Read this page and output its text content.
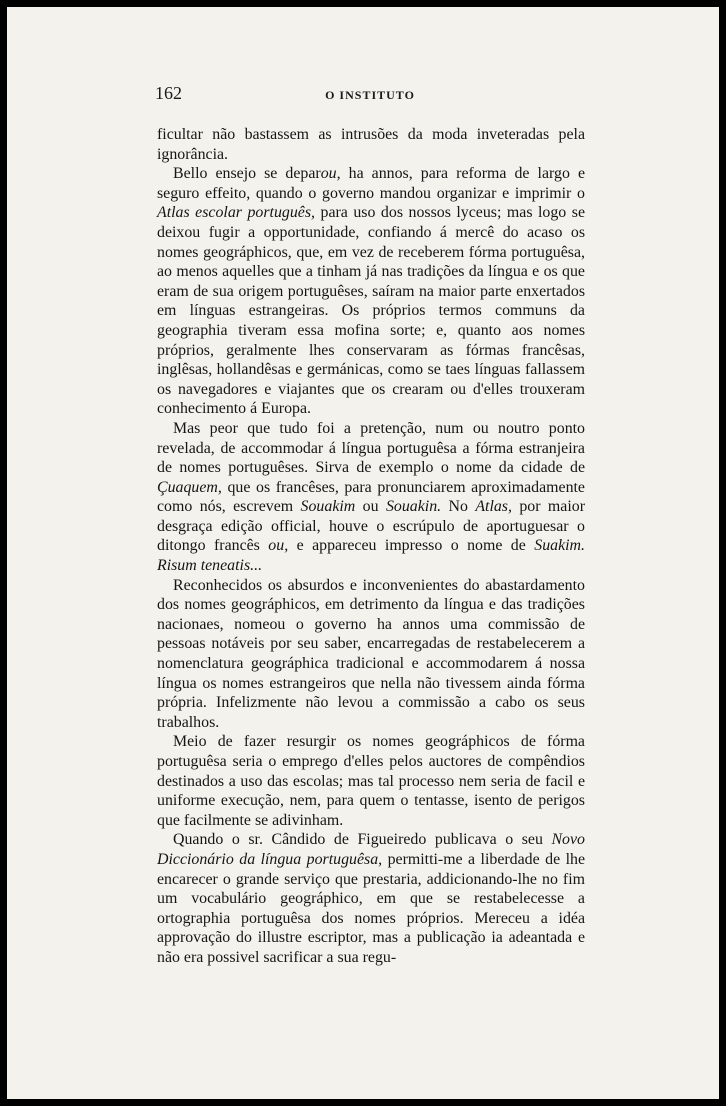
162	O INSTITUTO

ficultar não bastassem as intrusões da moda inveteradas pela ignorância.

Bello ensejo se deparou, ha annos, para reforma de largo e seguro effeito, quando o governo mandou organizar e imprimir o Atlas escolar português, para uso dos nossos lyceus; mas logo se deixou fugir a opportunidade, confiando á mercê do acaso os nomes geográphicos, que, em vez de receberem fórma portuguêsa, ao menos aquelles que a tinham já nas tradições da língua e os que eram de sua origem portuguêses, saíram na maior parte enxertados em línguas estrangeiras. Os próprios termos communs da geographia tiveram essa mofina sorte; e, quanto aos nomes próprios, geralmente lhes conservaram as fórmas francêsas, inglêsas, hollandêsas e germánicas, como se taes línguas fallassem os navegadores e viajantes que os crearam ou d'elles trouxeram conhecimento á Europa.

Mas peor que tudo foi a pretenção, num ou noutro ponto revelada, de accommodar á língua portuguêsa a fórma estranjeira de nomes portuguêses. Sirva de exemplo o nome da cidade de Çuaquem, que os francêses, para pronunciarem aproximadamente como nós, escrevem Souakim ou Souakin. No Atlas, por maior desgraça edição official, houve o escrúpulo de aportuguesar o ditongo francês ou, e appareceu impresso o nome de Suakim. Risum teneatis...

Reconhecidos os absurdos e inconvenientes do abastardamento dos nomes geográphicos, em detrimento da língua e das tradições nacionaes, nomeou o governo ha annos uma commissão de pessoas notáveis por seu saber, encarregadas de restabelecerem a nomenclatura geográphica tradicional e accommodarem á nossa língua os nomes estrangeiros que nella não tivessem ainda fórma própria. Infelizmente não levou a commissão a cabo os seus trabalhos.

Meio de fazer resurgir os nomes geográphicos de fórma portuguêsa seria o emprego d'elles pelos auctores de compêndios destinados a uso das escolas; mas tal processo nem seria de facil e uniforme execução, nem, para quem o tentasse, isento de perigos que facilmente se adivinham.

Quando o sr. Cândido de Figueiredo publicava o seu Novo Diccionário da língua portuguêsa, permitti-me a liberdade de lhe encarecer o grande serviço que prestaria, addicionando-lhe no fim um vocabulário geográphico, em que se restabelecesse a ortographia portuguêsa dos nomes próprios. Mereceu a idéa approvação do illustre escriptor, mas a publicação ia adeantada e não era possivel sacrificar a sua regu-
